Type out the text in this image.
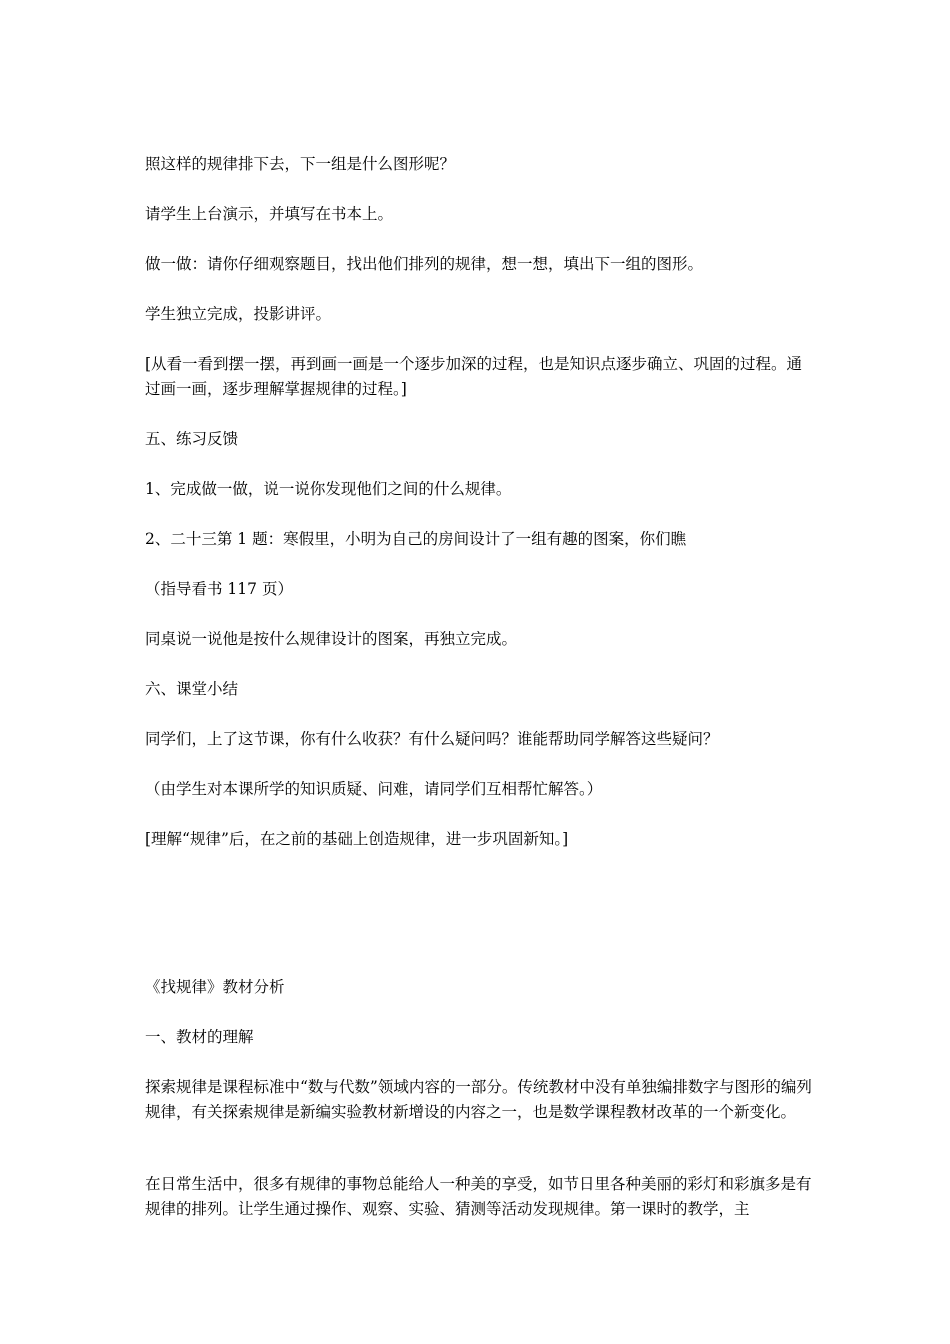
照这样的规律排下去，下一组是什么图形呢？

请学生上台演示，并填写在书本上。

做一做：请你仔细观察题目，找出他们排列的规律，想一想，填出下一组的图形。

学生独立完成，投影讲评。

[从看一看到摆一摆，再到画一画是一个逐步加深的过程，也是知识点逐步确立、巩固的过程。通过画一画，逐步理解掌握规律的过程。]

五、练习反馈

1、完成做一做，说一说你发现他们之间的什么规律。

2、二十三第 1 题：寒假里，小明为自己的房间设计了一组有趣的图案，你们瞧

（指导看书 117 页）

同桌说一说他是按什么规律设计的图案，再独立完成。

六、课堂小结

同学们，上了这节课，你有什么收获？有什么疑问吗？谁能帮助同学解答这些疑问？

（由学生对本课所学的知识质疑、问难，请同学们互相帮忙解答。）

[理解“规律”后，在之前的基础上创造规律，进一步巩固新知。]

《找规律》教材分析

一、教材的理解

探索规律是课程标准中“数与代数”领域内容的一部分。传统教材中没有单独编排数字与图形的编列规律，有关探索规律是新编实验教材新增设的内容之一，也是数学课程教材改革的一个新变化。

在日常生活中，很多有规律的事物总能给人一种美的享受，如节日里各种美丽的彩灯和彩旗多是有规律的排列。让学生通过操作、观察、实验、猜测等活动发现规律。第一课时的教学，主
